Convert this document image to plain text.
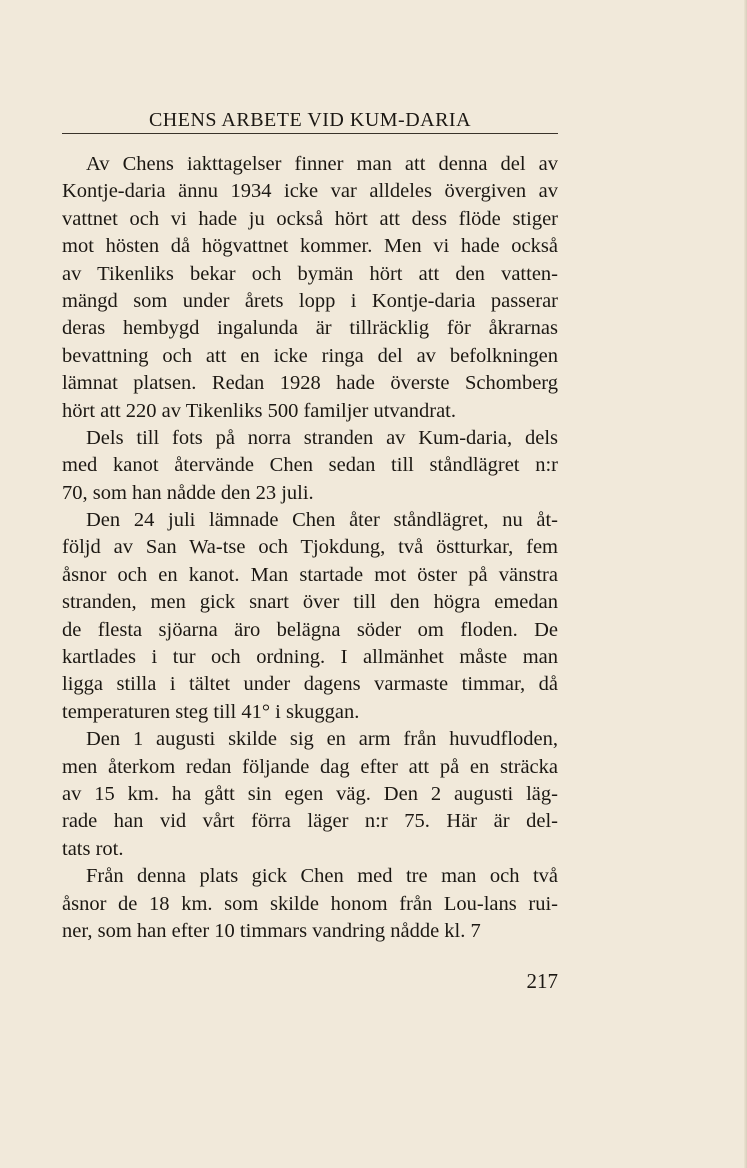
CHENS ARBETE VID KUM-DARIA
Av Chens iakttagelser finner man att denna del av
Kontje-daria ännu 1934 icke var alldeles övergiven av
vattnet och vi hade ju också hört att dess flöde stiger
mot hösten då högvattnet kommer. Men vi hade också
av Tikenliks bekar och bymän hört att den vatten-
mängd som under årets lopp i Kontje-daria passerar
deras hembygd ingalunda är tillräcklig för åkrarnas
bevattning och att en icke ringa del av befolkningen
lämnat platsen. Redan 1928 hade överste Schomberg
hört att 220 av Tikenliks 500 familjer utvandrat.
Dels till fots på norra stranden av Kum-daria, dels
med kanot återvände Chen sedan till ståndlägret n:r
70, som han nådde den 23 juli.
Den 24 juli lämnade Chen åter ståndlägret, nu åt-
följd av San Wa-tse och Tjokdung, två östturkar, fem
åsnor och en kanot. Man startade mot öster på vänstra
stranden, men gick snart över till den högra emedan
de flesta sjöarna äro belägna söder om floden. De
kartlades i tur och ordning. I allmänhet måste man
ligga stilla i tältet under dagens varmaste timmar, då
temperaturen steg till 41° i skuggan.
Den 1 augusti skilde sig en arm från huvudfloden,
men återkom redan följande dag efter att på en sträcka
av 15 km. ha gått sin egen väg. Den 2 augusti läg-
rade han vid vårt förra läger n:r 75. Här är del-
tats rot.
Från denna plats gick Chen med tre man och två
åsnor de 18 km. som skilde honom från Lou-lans rui-
ner, som han efter 10 timmars vandring nådde kl. 7
217
